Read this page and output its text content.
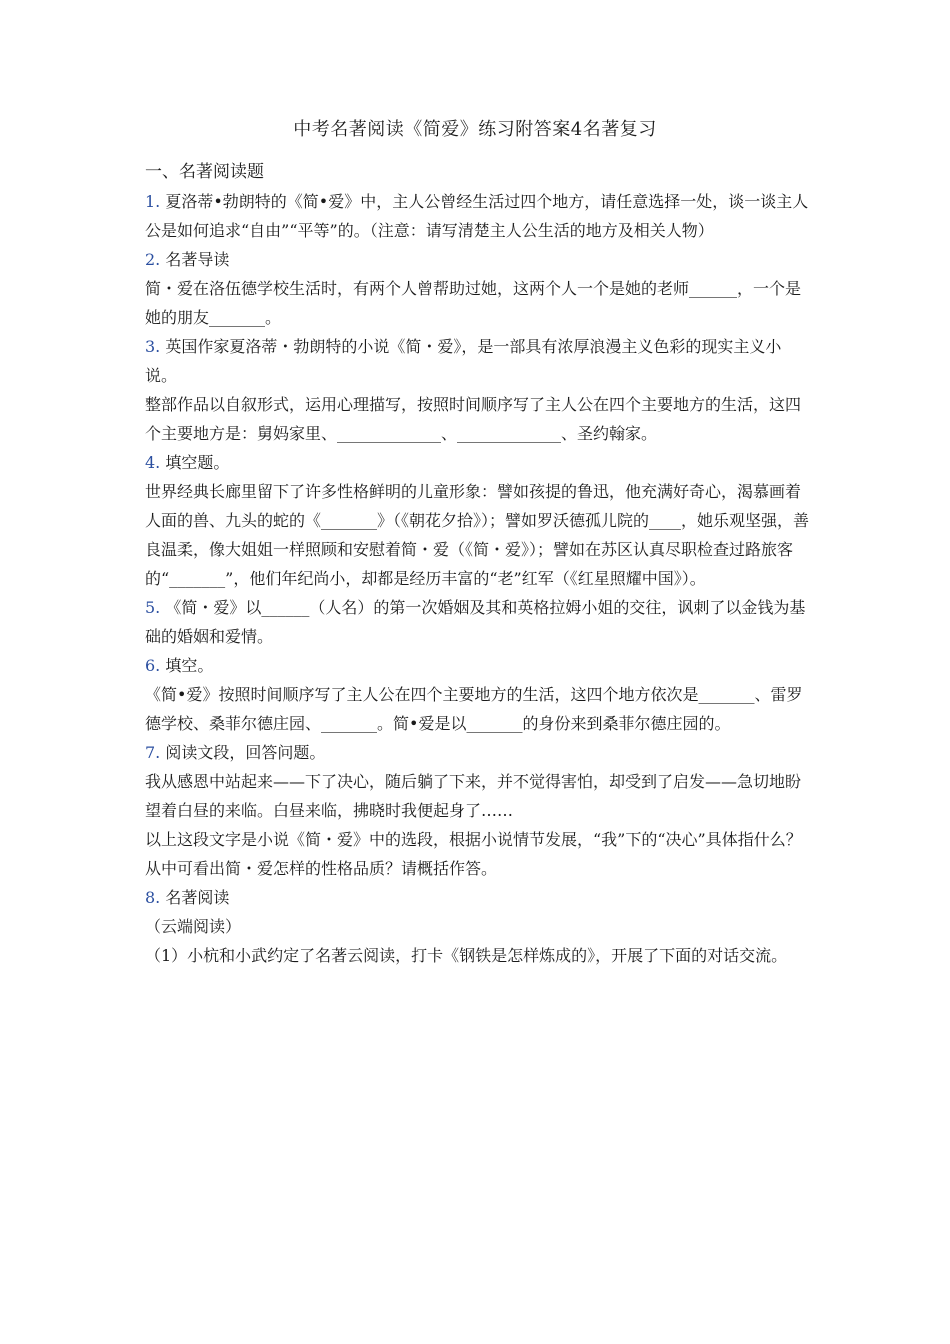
中考名著阅读《简爱》练习附答案4名著复习

一、名著阅读题

1. 夏洛蒂•勃朗特的《简•爱》中，主人公曾经生活过四个地方，请任意选择一处，谈一谈主人公是如何追求“自由”“平等”的。（注意：请写清楚主人公生活的地方及相关人物）

2. 名著导读

简・爱在洛伍德学校生活时，有两个人曾帮助过她，这两个人一个是她的老师______，一个是她的朋友_______。

3. 英国作家夏洛蒂・勃朗特的小说《简・爱》，是一部具有浓厚浪漫主义色彩的现实主义小说。

整部作品以自叙形式，运用心理描写，按照时间顺序写了主人公在四个主要地方的生活，这四个主要地方是：舅妈家里、_____________、_____________、圣约翰家。

4. 填空题。

世界经典长廊里留下了许多性格鲜明的儿童形象：譬如孩提的鲁迅，他充满好奇心，渴慕画着人面的兽、九头的蛇的《_______》（《朝花夕拾》）；譬如罗沃德孤儿院的____，她乐观坚强，善良温柔，像大姐姐一样照顾和安慰着简・爱（《简・爱》）；譬如在苏区认真尽职检查过路旅客的“_______”，他们年纪尚小，却都是经历丰富的“老”红军（《红星照耀中国》）。

5. 《简・爱》以______（人名）的第一次婚姻及其和英格拉姆小姐的交往，讽刺了以金钱为基础的婚姻和爱情。

6. 填空。

《简•爱》按照时间顺序写了主人公在四个主要地方的生活，这四个地方依次是_______、雷罗德学校、桑菲尔德庄园、_______。简•爱是以_______的身份来到桑菲尔德庄园的。

7. 阅读文段，回答问题。

我从感恩中站起来——下了决心，随后躺了下来，并不觉得害怕，却受到了启发——急切地盼望着白昼的来临。白昼来临，拂晓时我便起身了……

以上这段文字是小说《简・爱》中的选段，根据小说情节发展，“我”下的“决心”具体指什么？从中可看出简・爱怎样的性格品质？请概括作答。

8. 名著阅读

（云端阅读）

（1）小杭和小武约定了名著云阅读，打卡《钢铁是怎样炼成的》，开展了下面的对话交流。
